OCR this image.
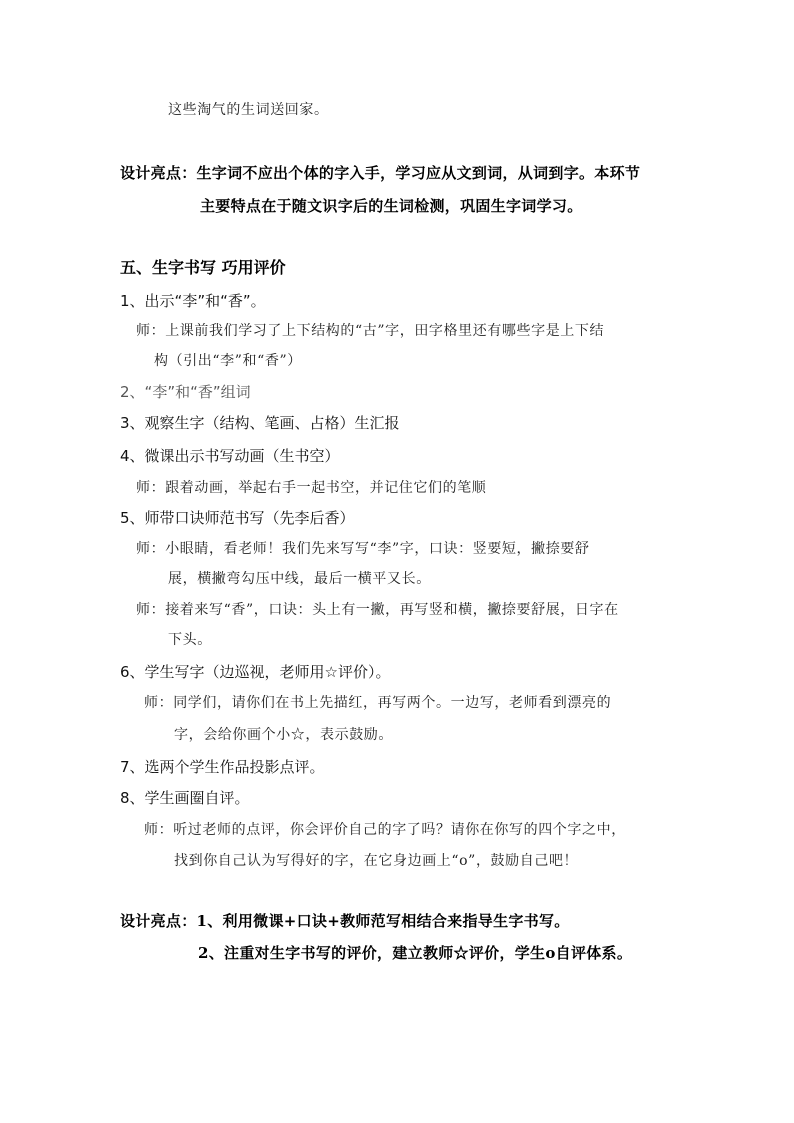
这些淘气的生词送回家。
设计亮点：生字词不应出个体的字入手，学习应从文到词，从词到字。本环节
主要特点在于随文识字后的生词检测，巩固生字词学习。
五、生字书写 巧用评价
1、出示“李”和“香”。
师：上课前我们学习了上下结构的“古”字，田字格里还有哪些字是上下结
构（引出“李”和“香”）
2、“李”和“香”组词
3、观察生字（结构、笔画、占格）生汇报
4、微课出示书写动画（生书空）
师：跟着动画，举起右手一起书空，并记住它们的笔顺
5、师带口诀师范书写（先李后香）
师：小眼睛，看老师！我们先来写写“李”字，口诀：竖要短，撇捺要舒
展，横撇弯勾压中线，最后一横平又长。
师：接着来写“香”，口诀：头上有一撇，再写竖和横，撇捺要舒展，日字在
下头。
6、学生写字（边巡视，老师用☆评价）。
师：同学们，请你们在书上先描红，再写两个。一边写，老师看到漂亮的
字，会给你画个小☆，表示鼓励。
7、选两个学生作品投影点评。
8、学生画圈自评。
师：听过老师的点评，你会评价自己的字了吗？请你在你写的四个字之中，
找到你自己认为写得好的字，在它身边画上“o”，鼓励自己吧！
设计亮点：1、利用微课+口诀+教师范写相结合来指导生字书写。
2、注重对生字书写的评价，建立教师☆评价，学生o自评体系。
